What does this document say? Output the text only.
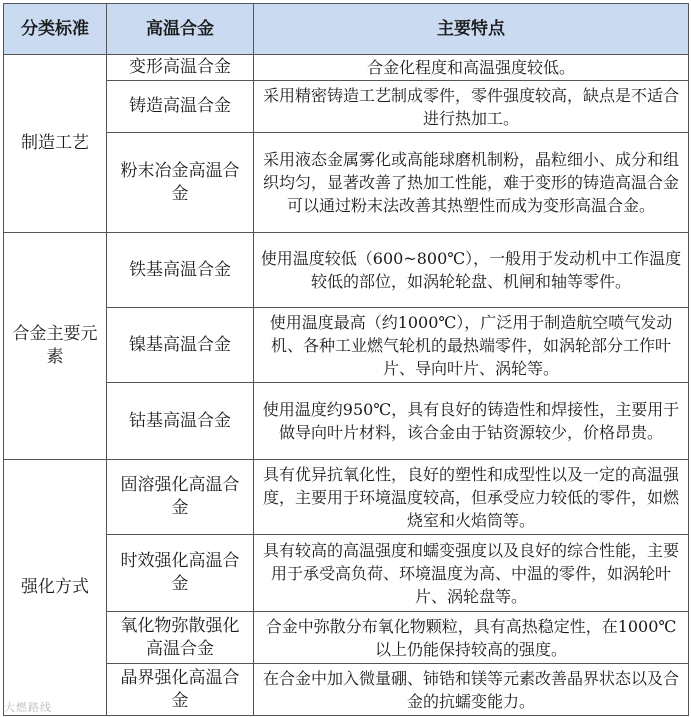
分类标准	高温合金	主要特点
制造工艺	变形高温合金	合金化程度和高温强度较低。
	铸造高温合金	采用精密铸造工艺制成零件，零件强度较高，缺点是不适合进行热加工。
	粉末冶金高温合金	采用液态金属雾化或高能球磨机制粉，晶粒细小、成分和组织均匀，显著改善了热加工性能，难于变形的铸造高温合金可以通过粉末法改善其热塑性而成为变形高温合金。
合金主要元素	铁基高温合金	使用温度较低（600~800℃），一般用于发动机中工作温度较低的部位，如涡轮轮盘、机闸和轴等零件。
	镍基高温合金	使用温度最高（约1000℃），广泛用于制造航空喷气发动机、各种工业燃气轮机的最热端零件，如涡轮部分工作叶片、导向叶片、涡轮等。
	钴基高温合金	使用温度约950℃，具有良好的铸造性和焊接性，主要用于做导向叶片材料，该合金由于钴资源较少，价格昂贵。
强化方式	固溶强化高温合金	具有优异抗氧化性，良好的塑性和成型性以及一定的高温强度，主要用于环境温度较高，但承受应力较低的零件，如燃烧室和火焰筒等。
	时效强化高温合金	具有较高的高温强度和蠕变强度以及良好的综合性能，主要用于承受高负荷、环境温度为高、中温的零件，如涡轮叶片、涡轮盘等。
	氧化物弥散强化高温合金	合金中弥散分布氧化物颗粒，具有高热稳定性，在1000℃以上仍能保持较高的强度。
	晶界强化高温合金	在合金中加入微量硼、铈锆和镁等元素改善晶界状态以及合金的抗蠕变能力。
大燃路线
